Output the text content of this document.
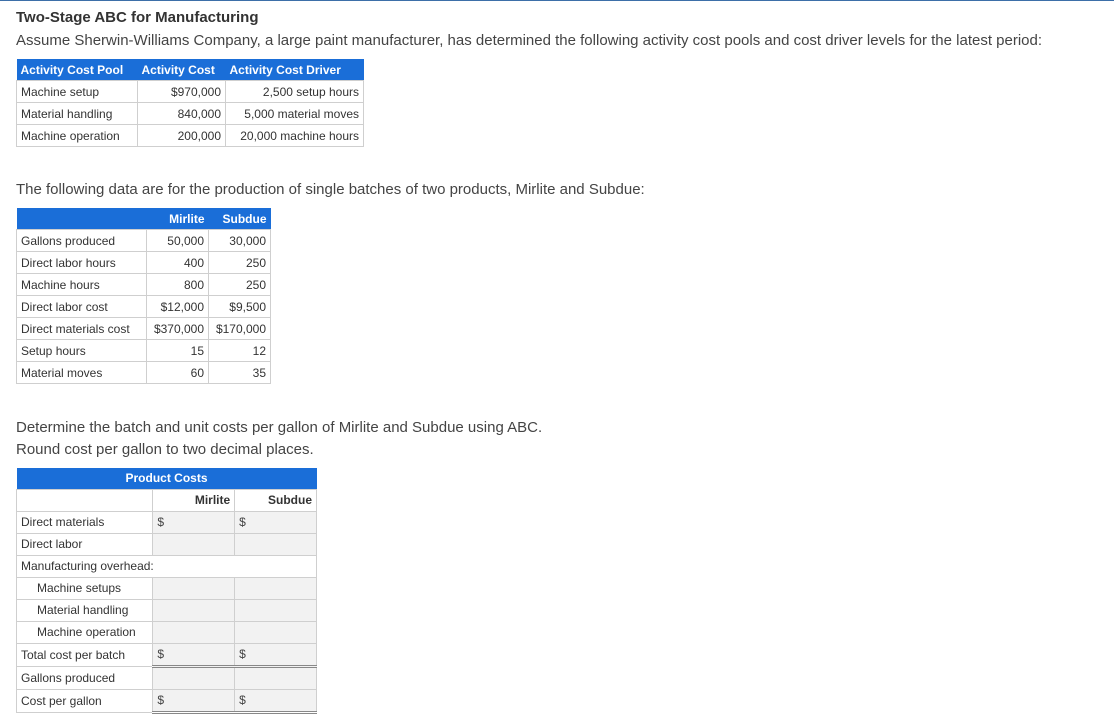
Two-Stage ABC for Manufacturing
Assume Sherwin-Williams Company, a large paint manufacturer, has determined the following activity cost pools and cost driver levels for the latest period:
Activity Cost Pool	Activity Cost	Activity Cost Driver
Machine setup	$970,000	2,500 setup hours
Material handling	840,000	5,000 material moves
Machine operation	200,000	20,000 machine hours
The following data are for the production of single batches of two products, Mirlite and Subdue:
	Mirlite	Subdue
Gallons produced	50,000	30,000
Direct labor hours	400	250
Machine hours	800	250
Direct labor cost	$12,000	$9,500
Direct materials cost	$370,000	$170,000
Setup hours	15	12
Material moves	60	35
Determine the batch and unit costs per gallon of Mirlite and Subdue using ABC.
Round cost per gallon to two decimal places.
Product Costs			
	Mirlite	Subdue	
Direct materials	$	$	
Direct labor			
Manufacturing overhead:			
Machine setups			
Material handling			
Machine operation			
Total cost per batch	$	$	
Gallons produced			
Cost per gallon	$	$	
